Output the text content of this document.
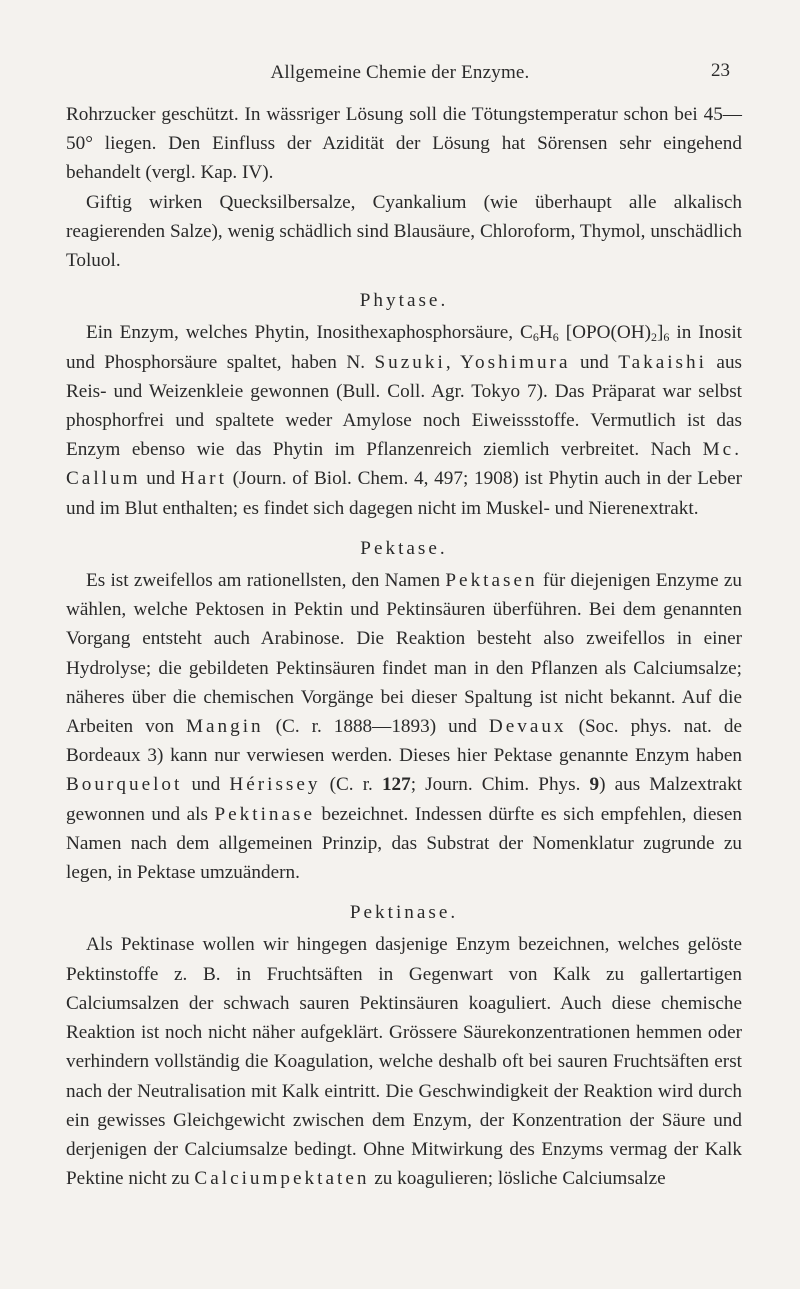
Allgemeine Chemie der Enzyme.	23

Rohrzucker geschützt. In wässriger Lösung soll die Tötungstemperatur schon bei 45—50° liegen. Den Einfluss der Azidität der Lösung hat Sörensen sehr eingehend behandelt (vergl. Kap. IV).

Giftig wirken Quecksilbersalze, Cyankalium (wie überhaupt alle alkalisch reagierenden Salze), wenig schädlich sind Blausäure, Chloroform, Thymol, unschädlich Toluol.

Phytase.

Ein Enzym, welches Phytin, Inosithexaphosphorsäure, $C_6H_6$ $[OPO(OH)_2]_6$ in Inosit und Phosphorsäure spaltet, haben N. Suzuki, Yoshimura und Takaishi aus Reis- und Weizenkleie gewonnen (Bull. Coll. Agr. Tokyo 7). Das Präparat war selbst phosphorfrei und spaltete weder Amylose noch Eiweissstoffe. Vermutlich ist das Enzym ebenso wie das Phytin im Pflanzenreich ziemlich verbreitet. Nach Mc. Callum und Hart (Journ. of Biol. Chem. 4, 497; 1908) ist Phytin auch in der Leber und im Blut enthalten; es findet sich dagegen nicht im Muskel- und Nierenextrakt.

Pektase.

Es ist zweifellos am rationellsten, den Namen Pektasen für diejenigen Enzyme zu wählen, welche Pektosen in Pektin und Pektinsäuren überführen. Bei dem genannten Vorgang entsteht auch Arabinose. Die Reaktion besteht also zweifellos in einer Hydrolyse; die gebildeten Pektinsäuren findet man in den Pflanzen als Calciumsalze; näheres über die chemischen Vorgänge bei dieser Spaltung ist nicht bekannt. Auf die Arbeiten von Mangin (C. r. 1888—1893) und Devaux (Soc. phys. nat. de Bordeaux 3) kann nur verwiesen werden. Dieses hier Pektase genannte Enzym haben Bourquelot und Hérissey (C. r. 127; Journ. Chim. Phys. 9) aus Malzextrakt gewonnen und als Pektinase bezeichnet. Indessen dürfte es sich empfehlen, diesen Namen nach dem allgemeinen Prinzip, das Substrat der Nomenklatur zugrunde zu legen, in Pektase umzuändern.

Pektinase.

Als Pektinase wollen wir hingegen dasjenige Enzym bezeichnen, welches gelöste Pektinstoffe z. B. in Fruchtsäften in Gegenwart von Kalk zu gallertartigen Calciumsalzen der schwach sauren Pektinsäuren koaguliert. Auch diese chemische Reaktion ist noch nicht näher aufgeklärt. Grössere Säurekonzentrationen hemmen oder verhindern vollständig die Koagulation, welche deshalb oft bei sauren Fruchtsäften erst nach der Neutralisation mit Kalk eintritt. Die Geschwindigkeit der Reaktion wird durch ein gewisses Gleichgewicht zwischen dem Enzym, der Konzentration der Säure und derjenigen der Calciumsalze bedingt. Ohne Mitwirkung des Enzyms vermag der Kalk Pektine nicht zu Calciumpektaten zu koagulieren; lösliche Calciumsalze
